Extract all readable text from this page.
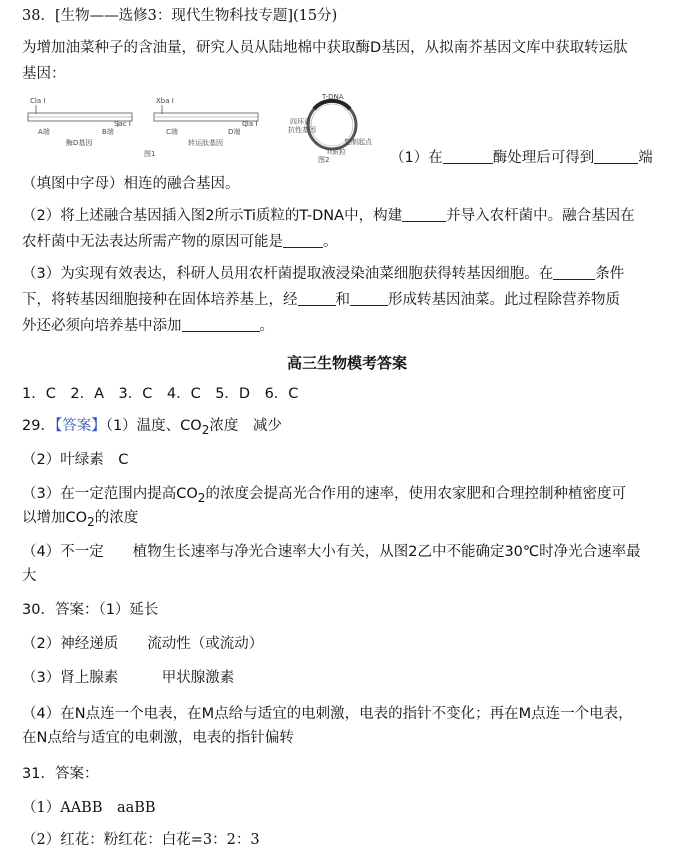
38．[生物——选修3：现代生物科技专题](15分)
为增加油菜种子的含油量，研究人员从陆地棉中获取酶D基因，从拟南芥基因文库中获取转运肽
基因：
Cla Ⅰ
Sac Ⅰ
A端	B端
酶D基因
图1
Xba Ⅰ
Cla Ⅰ
C端	D端
转运肽基因
T-DNA
四环素
抗性基因
复制起点
Ti质粒
图2	（1）在	酶处理后可得到	端
（填图中字母）相连的融合基因。
（2）将上述融合基因插入图2所示Ti质粒的T-DNA中，构建	并导入农杆菌中。融合基因在
农杆菌中无法表达所需产物的原因可能是	。
（3）为实现有效表达，科研人员用农杆菌提取液浸染油菜细胞获得转基因细胞。在	条件
下，将转基因细胞接种在固体培养基上，经	和	形成转基因油菜。此过程除营养物质
外还必须向培养基中添加	。
高三生物模考答案
1．C　2．A　3．C　4．C　5．D　6．C
29．【答案】（1）温度、$CO_2$浓度　减少
（2）叶绿素　C
（3）在一定范围内提高$CO_2$的浓度会提高光合作用的速率，使用农家肥和合理控制种植密度可
以增加$CO_2$的浓度
（4）不一定　　植物生长速率与净光合速率大小有关，从图2乙中不能确定30℃时净光合速率最
大
30．答案：（1）延长
（2）神经递质　　流动性（或流动）
（3）肾上腺素　　　甲状腺激素
（4）在N点连一个电表，在M点给与适宜的电刺激，电表的指针不变化；再在M点连一个电表，
在N点给与适宜的电刺激，电表的指针偏转
31．答案：
（1）AABB　aaBB
（2）红花：粉红花：白花=3：2：3
